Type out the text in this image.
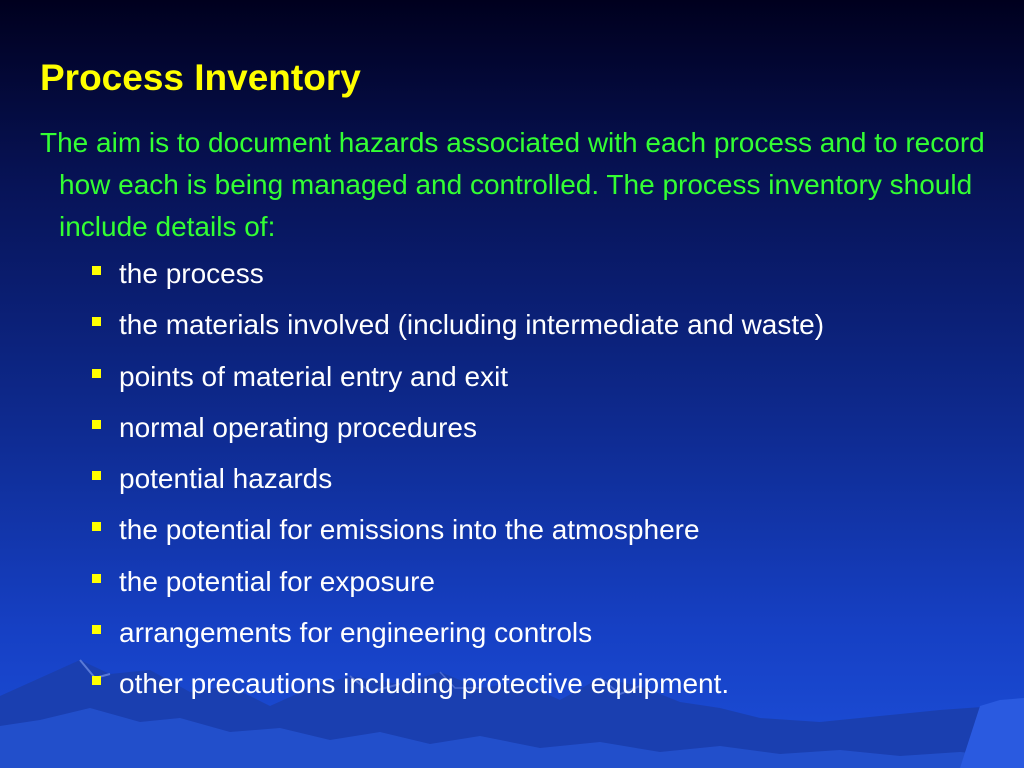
Process Inventory

The aim is to document hazards associated with each process and to record how each is being managed and controlled. The process inventory should include details of:

the process
the materials involved (including intermediate and waste)
points of material entry and exit
normal operating procedures
potential hazards
the potential for emissions into the atmosphere
the potential for exposure
arrangements for engineering controls
other precautions including protective equipment.
